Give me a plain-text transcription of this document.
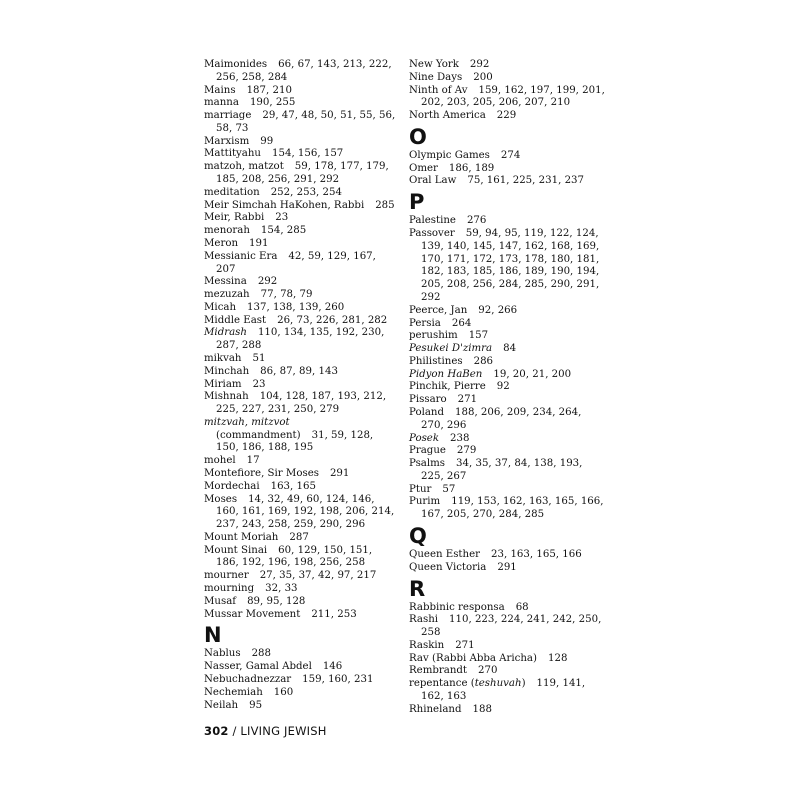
Maimonides 66, 67, 143, 213, 222, 256, 258, 284
Mains 187, 210
manna 190, 255
marriage 29, 47, 48, 50, 51, 55, 56, 58, 73
Marxism 99
Mattityahu 154, 156, 157
matzoh, matzot 59, 178, 177, 179, 185, 208, 256, 291, 292
meditation 252, 253, 254
Meir Simchah HaKohen, Rabbi 285
Meir, Rabbi 23
menorah 154, 285
Meron 191
Messianic Era 42, 59, 129, 167, 207
Messina 292
mezuzah 77, 78, 79
Micah 137, 138, 139, 260
Middle East 26, 73, 226, 281, 282
Midrash 110, 134, 135, 192, 230, 287, 288
mikvah 51
Minchah 86, 87, 89, 143
Miriam 23
Mishnah 104, 128, 187, 193, 212, 225, 227, 231, 250, 279
mitzvah, mitzvot (commandment) 31, 59, 128, 150, 186, 188, 195
mohel 17
Montefiore, Sir Moses 291
Mordechai 163, 165
Moses 14, 32, 49, 60, 124, 146, 160, 161, 169, 192, 198, 206, 214, 237, 243, 258, 259, 290, 296
Mount Moriah 287
Mount Sinai 60, 129, 150, 151, 186, 192, 196, 198, 256, 258
mourner 27, 35, 37, 42, 97, 217
mourning 32, 33
Musaf 89, 95, 128
Mussar Movement 211, 253
N
Nablus 288
Nasser, Gamal Abdel 146
Nebuchadnezzar 159, 160, 231
Nechemiah 160
Neilah 95
New York 292
Nine Days 200
Ninth of Av 159, 162, 197, 199, 201, 202, 203, 205, 206, 207, 210
North America 229
O
Olympic Games 274
Omer 186, 189
Oral Law 75, 161, 225, 231, 237
P
Palestine 276
Passover 59, 94, 95, 119, 122, 124, 139, 140, 145, 147, 162, 168, 169, 170, 171, 172, 173, 178, 180, 181, 182, 183, 185, 186, 189, 190, 194, 205, 208, 256, 284, 285, 290, 291, 292
Peerce, Jan 92, 266
Persia 264
perushim 157
Pesukei D'zimra 84
Philistines 286
Pidyon HaBen 19, 20, 21, 200
Pinchik, Pierre 92
Pissaro 271
Poland 188, 206, 209, 234, 264, 270, 296
Posek 238
Prague 279
Psalms 34, 35, 37, 84, 138, 193, 225, 267
Ptur 57
Purim 119, 153, 162, 163, 165, 166, 167, 205, 270, 284, 285
Q
Queen Esther 23, 163, 165, 166
Queen Victoria 291
R
Rabbinic responsa 68
Rashi 110, 223, 224, 241, 242, 250, 258
Raskin 271
Rav (Rabbi Abba Aricha) 128
Rembrandt 270
repentance (teshuvah) 119, 141, 162, 163
Rhineland 188
302 / LIVING JEWISH
